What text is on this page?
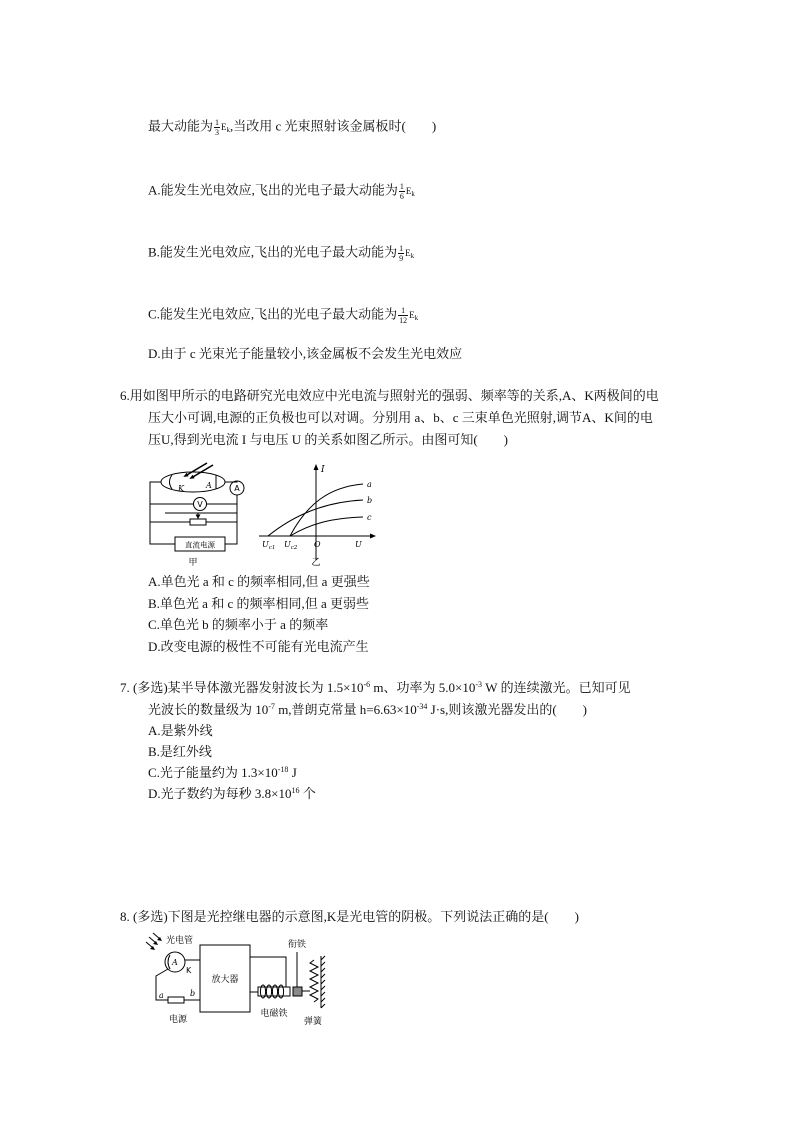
最大动能为 $\frac{1}{3} E_k$,当改用 c 光束照射该金属板时(　　)
A.能发生光电效应,飞出的光电子最大动能为 $\frac{1}{6} E_k$
B.能发生光电效应,飞出的光电子最大动能为 $\frac{1}{9} E_k$
C.能发生光电效应,飞出的光电子最大动能为 $\frac{1}{12} E_k$
D.由于 c 光束光子能量较小,该金属板不会发生光电效应
6.用如图甲所示的电路研究光电效应中光电流与照射光的强弱、频率等的关系,A、K两极间的电
压大小可调,电源的正负极也可以对调。分别用 a、b、c 三束单色光照射,调节A、K间的电
压U,得到光电流 I 与电压 U 的关系如图乙所示。由图可知(　　)
K	A	A
V
直流电源
甲
I
a
b
c
$U_{c1}$ $U_{c2}$ O	U
乙
A.单色光 a 和 c 的频率相同,但 a 更强些
B.单色光 a 和 c 的频率相同,但 a 更弱些
C.单色光 b 的频率小于 a 的频率
D.改变电源的极性不可能有光电流产生
7. (多选)某半导体激光器发射波长为 $1.5\times 10^{-6}$ m、功率为 $5.0\times 10^{-3}$ W 的连续激光。已知可见
光波长的数量级为 $10^{-7}$ m,普朗克常量 $h=6.63\times 10^{-34}$ J·s,则该激光器发出的(　　)
A.是紫外线
B.是红外线
C.光子能量约为 $1.3\times 10^{-18}$ J
D.光子数约为每秒 $3.8\times 10^{16}$ 个
8. (多选)下图是光控继电器的示意图,K是光电管的阴极。下列说法正确的是(　　)
光电管
A
K
a	b
电源
放大器
电磁铁
衔铁
弹簧
